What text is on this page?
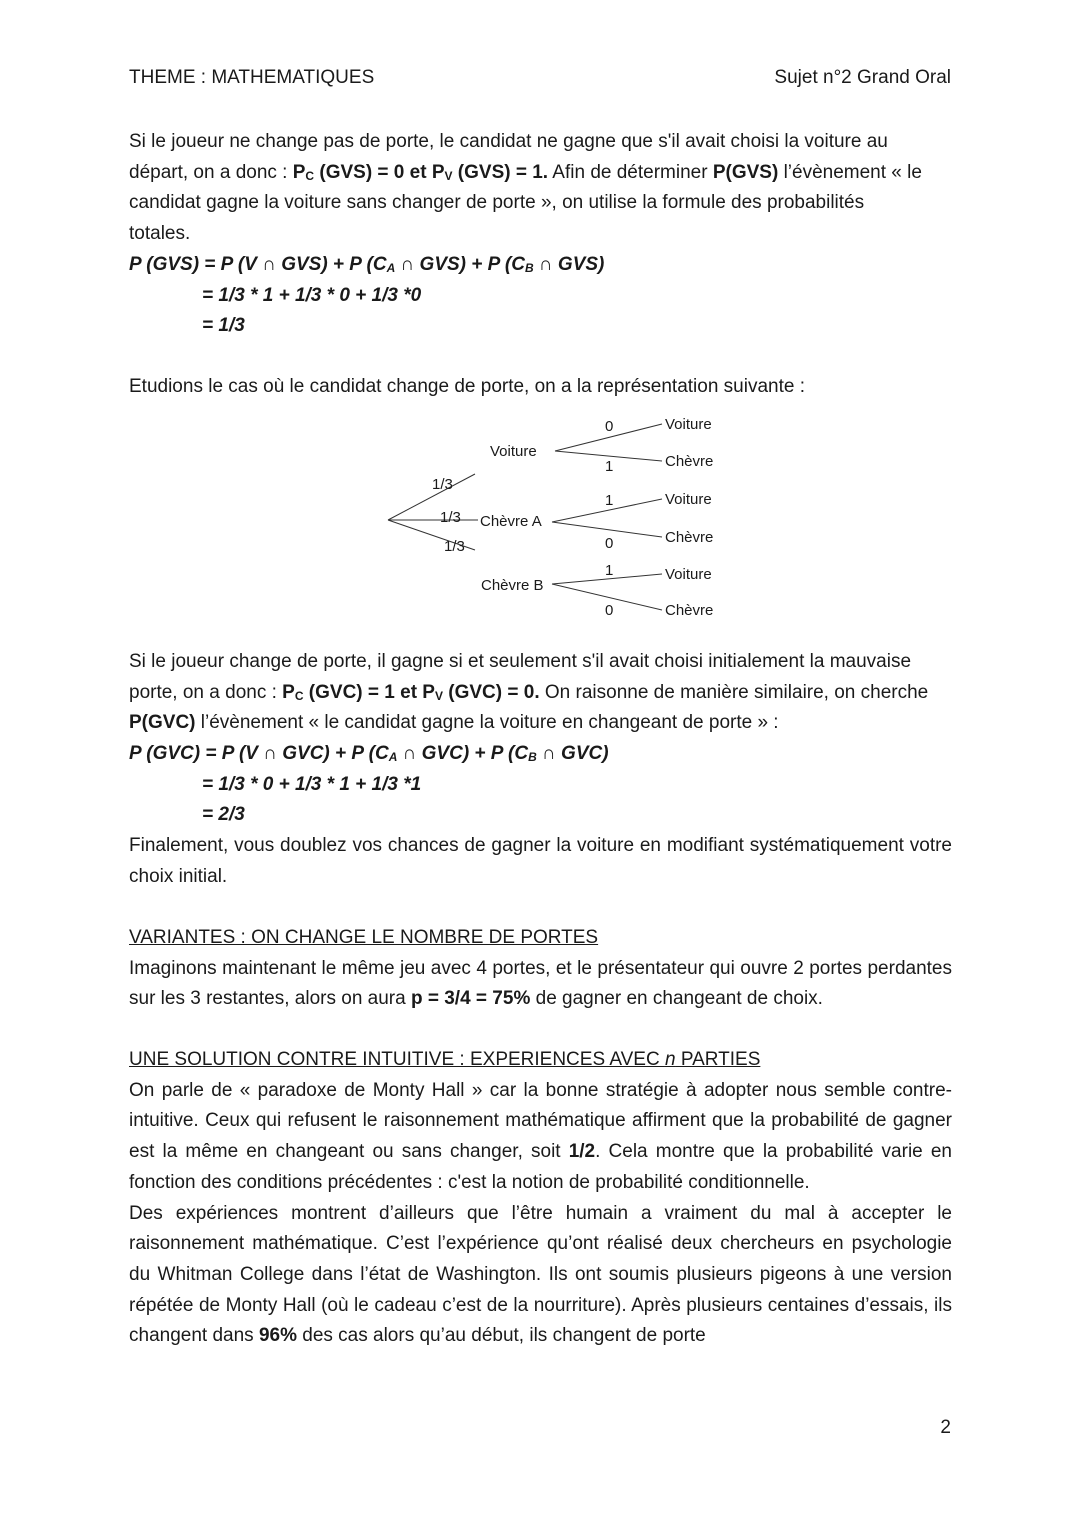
THEME : MATHEMATIQUES	Sujet n°2 Grand Oral
Si le joueur ne change pas de porte, le candidat ne gagne que s'il avait choisi la voiture au
départ, on a donc : $P_C$ (GVS) = 0 et $P_V$ (GVS) = 1. Afin de déterminer P(GVS) l’évènement « le
candidat gagne la voiture sans changer de porte », on utilise la formule des probabilités
totales.
P (GVS) = P (V ∩ GVS) + P ($C_A$ ∩ GVS) + P ($C_B$ ∩ GVS)
= 1/3 * 1 + 1/3 * 0 + 1/3 *0
= 1/3
Etudions le cas où le candidat change de porte, on a la représentation suivante :
Voiture
Chèvre A
Chèvre B
1/3
1/3
1/3
0
1
1
0
1
0
Voiture
Chèvre
Voiture
Chèvre
Voiture
Chèvre
Si le joueur change de porte, il gagne si et seulement s'il avait choisi initialement la mauvaise
porte, on a donc : $P_C$ (GVC) = 1 et $P_V$ (GVC) = 0. On raisonne de manière similaire, on cherche
P(GVC) l’évènement « le candidat gagne la voiture en changeant de porte » :
P (GVC) = P (V ∩ GVC) + P ($C_A$ ∩ GVC) + P ($C_B$ ∩ GVC)
= 1/3 * 0 + 1/3 * 1 + 1/3 *1
= 2/3
Finalement, vous doublez vos chances de gagner la voiture en modifiant systématiquement votre choix initial.
VARIANTES : ON CHANGE LE NOMBRE DE PORTES
Imaginons maintenant le même jeu avec 4 portes, et le présentateur qui ouvre 2 portes perdantes sur les 3 restantes, alors on aura p = 3/4 = 75% de gagner en changeant de choix.
UNE SOLUTION CONTRE INTUITIVE : EXPERIENCES AVEC n PARTIES
On parle de « paradoxe de Monty Hall » car la bonne stratégie à adopter nous semble contre-intuitive. Ceux qui refusent le raisonnement mathématique affirment que la probabilité de gagner est la même en changeant ou sans changer, soit 1/2. Cela montre que la probabilité varie en fonction des conditions précédentes : c'est la notion de probabilité conditionnelle.
Des expériences montrent d’ailleurs que l’être humain a vraiment du mal à accepter le raisonnement mathématique. C’est l’expérience qu’ont réalisé deux chercheurs en psychologie du Whitman College dans l’état de Washington. Ils ont soumis plusieurs pigeons à une version répétée de Monty Hall (où le cadeau c’est de la nourriture). Après plusieurs centaines d’essais, ils changent dans 96% des cas alors qu’au début, ils changent de porte
2
